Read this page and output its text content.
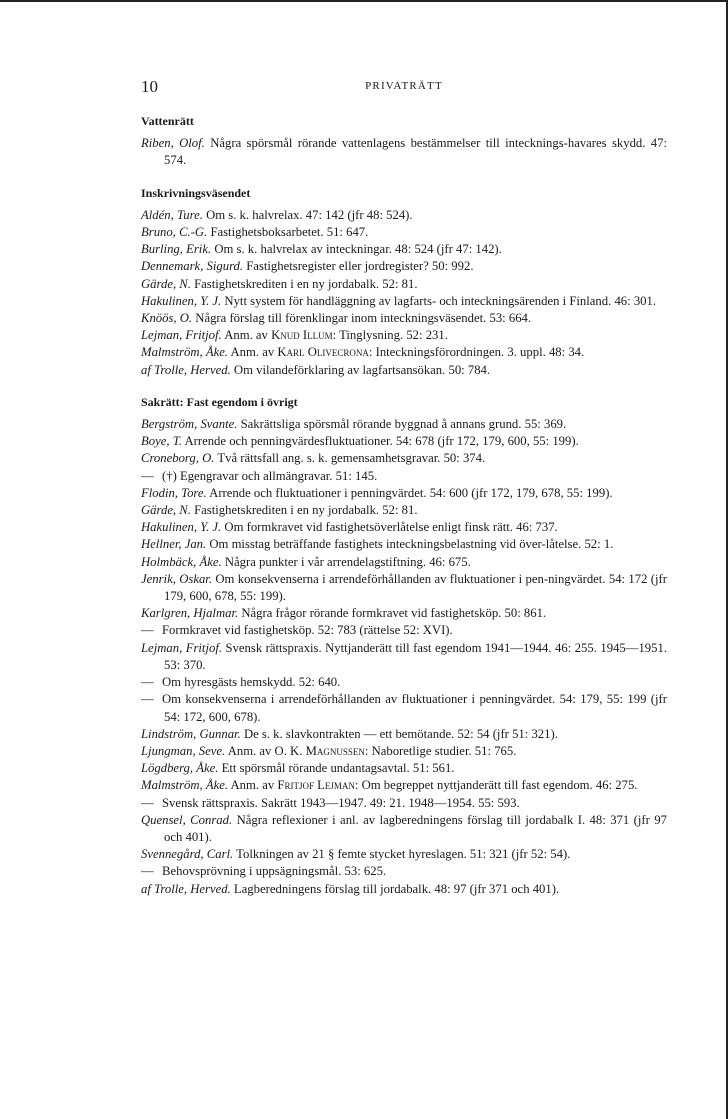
10	PRIVATRÄTT
Vattenrätt
Riben, Olof. Några spörsmål rörande vattenlagens bestämmelser till intecknings-havares skydd. 47: 574.
Inskrivningsväsendet
Aldén, Ture. Om s. k. halvrelax. 47: 142 (jfr 48: 524).
Bruno, C.-G. Fastighetsboksarbetet. 51: 647.
Burling, Erik. Om s. k. halvrelax av inteckningar. 48: 524 (jfr 47: 142).
Dennemark, Sigurd. Fastighetsregister eller jordregister? 50: 992.
Gärde, N. Fastighetskrediten i en ny jordabalk. 52: 81.
Hakulinen, Y. J. Nytt system för handläggning av lagfarts- och inteckningsärenden i Finland. 46: 301.
Knöös, O. Några förslag till förenklingar inom inteckningsväsendet. 53: 664.
Lejman, Fritjof. Anm. av Knud Illum: Tinglysning. 52: 231.
Malmström, Åke. Anm. av Karl Olivecrona: Inteckningsförordningen. 3. uppl. 48: 34.
af Trolle, Herved. Om vilandeförklaring av lagfartsansökan. 50: 784.
Sakrätt: Fast egendom i övrigt
Bergström, Svante. Sakrättsliga spörsmål rörande byggnad å annans grund. 55: 369.
Boye, T. Arrende och penningvärdesfluktuationer. 54: 678 (jfr 172, 179, 600, 55: 199).
Croneborg, O. Två rättsfall ang. s. k. gemensamhetsgravar. 50: 374.
— (†) Egengravar och allmängravar. 51: 145.
Flodin, Tore. Arrende och fluktuationer i penningvärdet. 54: 600 (jfr 172, 179, 678, 55: 199).
Gärde, N. Fastighetskrediten i en ny jordabalk. 52: 81.
Hakulinen, Y. J. Om formkravet vid fastighetsöverlåtelse enligt finsk rätt. 46: 737.
Hellner, Jan. Om misstag beträffande fastighets inteckningsbelastning vid över-låtelse. 52: 1.
Holmbäck, Åke. Några punkter i vår arrendelagstiftning. 46: 675.
Jenrik, Oskar. Om konsekvenserna i arrendeförhållanden av fluktuationer i pen-ningvärdet. 54: 172 (jfr 179, 600, 678, 55: 199).
Karlgren, Hjalmar. Några frågor rörande formkravet vid fastighetsköp. 50: 861.
— Formkravet vid fastighetsköp. 52: 783 (rättelse 52: XVI).
Lejman, Fritjof. Svensk rättspraxis. Nyttjanderätt till fast egendom 1941—1944. 46: 255. 1945—1951. 53: 370.
— Om hyresgästs hemskydd. 52: 640.
— Om konsekvenserna i arrendeförhållanden av fluktuationer i penningvärdet. 54: 179, 55: 199 (jfr 54: 172, 600, 678).
Lindström, Gunnar. De s. k. slavkontrakten — ett bemötande. 52: 54 (jfr 51: 321).
Ljungman, Seve. Anm. av O. K. Magnussen: Naboretlige studier. 51: 765.
Lögdberg, Åke. Ett spörsmål rörande undantagsavtal. 51: 561.
Malmström, Åke. Anm. av Fritjof Lejman: Om begreppet nyttjanderätt till fast egendom. 46: 275.
— Svensk rättspraxis. Sakrätt 1943—1947. 49: 21. 1948—1954. 55: 593.
Quensel, Conrad. Några reflexioner i anl. av lagberedningens förslag till jordabalk I. 48: 371 (jfr 97 och 401).
Svennegård, Carl. Tolkningen av 21 § femte stycket hyreslagen. 51: 321 (jfr 52: 54).
— Behovsprövning i uppsägningsmål. 53: 625.
af Trolle, Herved. Lagberedningens förslag till jordabalk. 48: 97 (jfr 371 och 401).
